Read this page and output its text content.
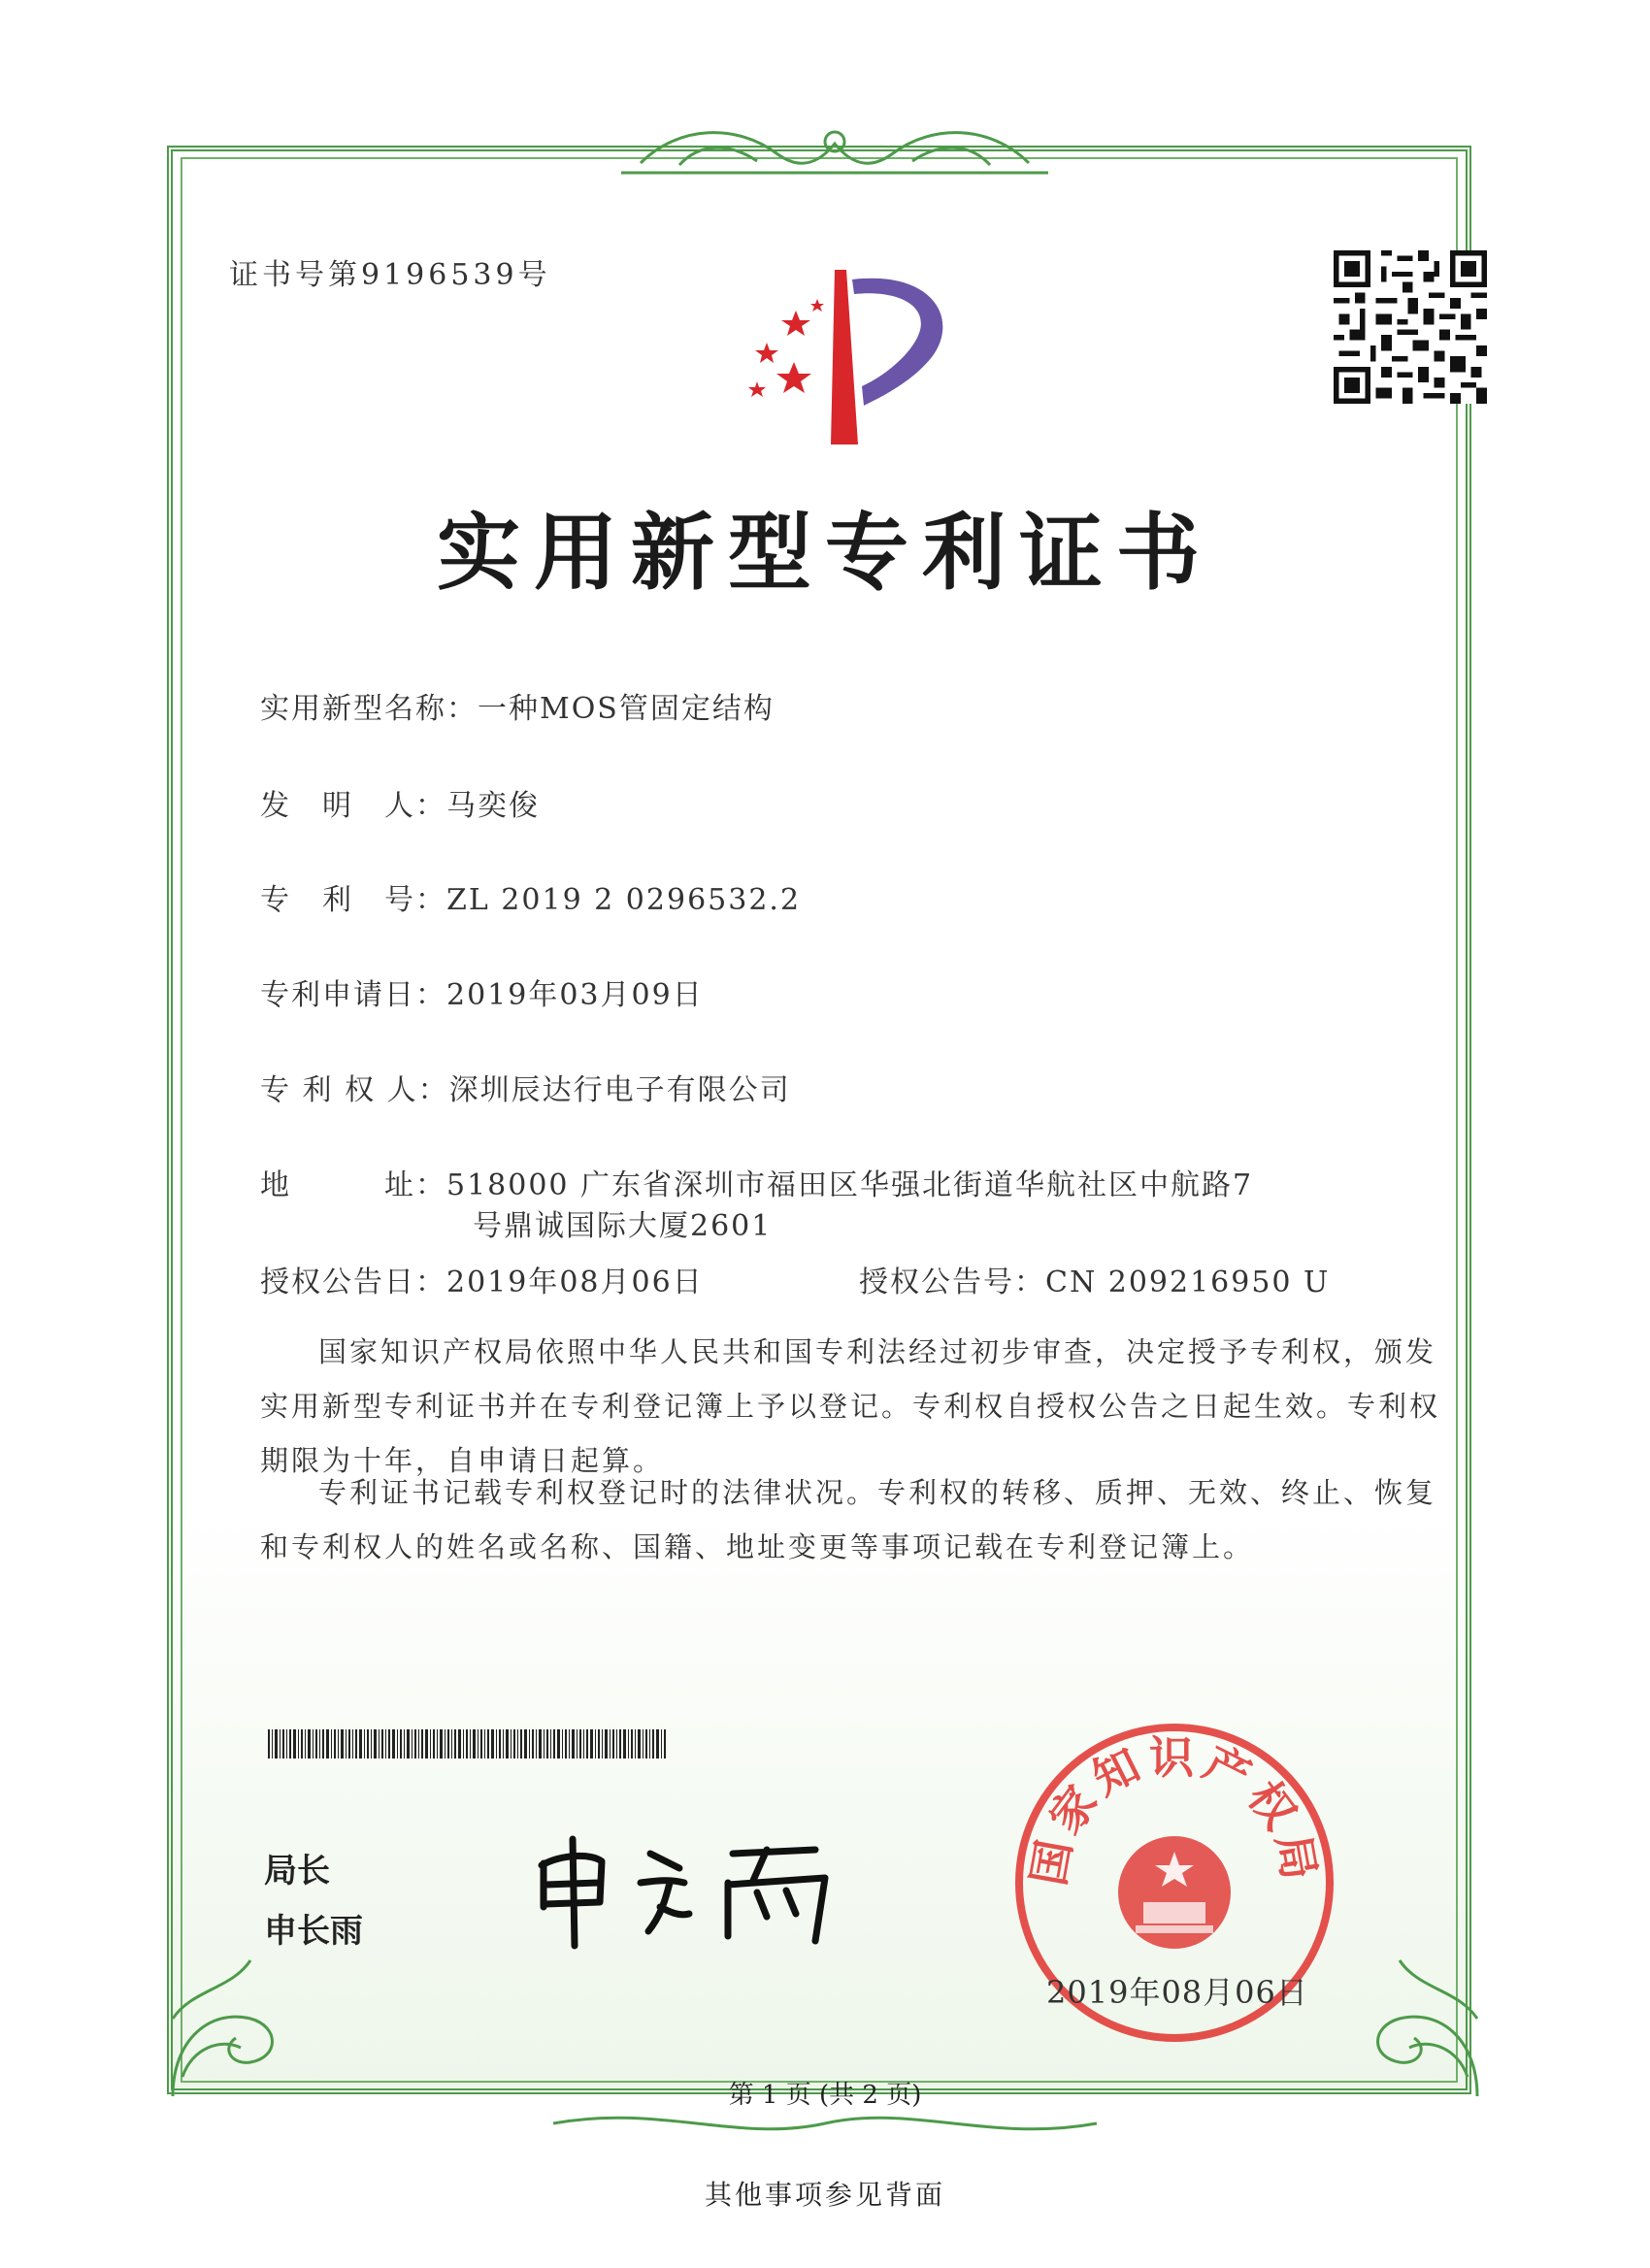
证书号第9196539号
实用新型专利证书
实用新型名称：一种MOS管固定结构
发　明　人：马奕俊
专　利　号：ZL 2019 2 0296532.2
专利申请日：2019年03月09日
专 利 权 人：深圳辰达行电子有限公司
地　　　址：518000 广东省深圳市福田区华强北街道华航社区中航路7
号鼎诚国际大厦2601
授权公告日：2019年08月06日	授权公告号：CN 209216950 U
国家知识产权局依照中华人民共和国专利法经过初步审查，决定授予专利权，颁发实用新型专利证书并在专利登记簿上予以登记。专利权自授权公告之日起生效。专利权期限为十年，自申请日起算。
专利证书记载专利权登记时的法律状况。专利权的转移、质押、无效、终止、恢复和专利权人的姓名或名称、国籍、地址变更等事项记载在专利登记簿上。
局长
申长雨
国家知识产权局
2019年08月06日
第 1 页 (共 2 页)
其他事项参见背面
